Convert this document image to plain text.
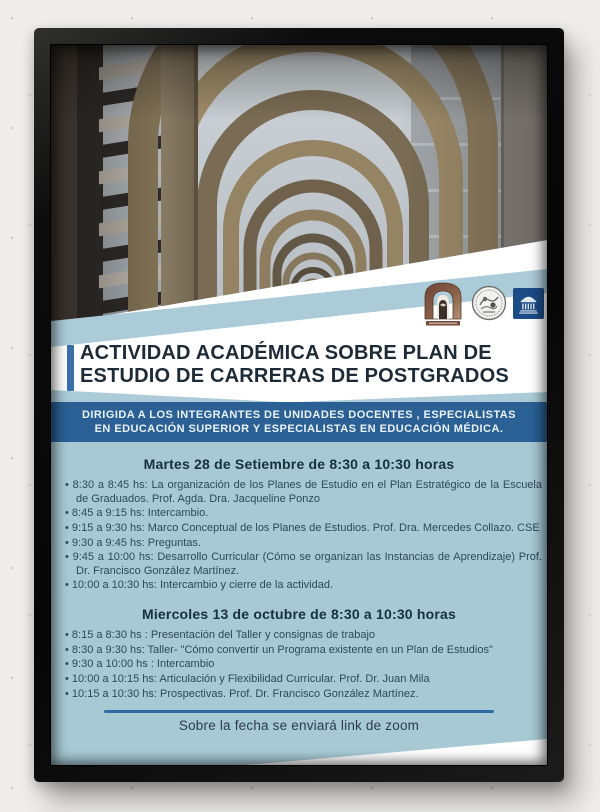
ACTIVIDAD ACADÉMICA SOBRE PLAN DE
ESTUDIO DE CARRERAS DE POSTGRADOS
DIRIGIDA A LOS INTEGRANTES DE UNIDADES DOCENTES , ESPECIALISTAS
EN EDUCACIÓN SUPERIOR Y ESPECIALISTAS EN EDUCACIÓN MÉDICA.
Martes 28 de Setiembre de 8:30 a 10:30 horas
• 8:30 a 8:45 hs: La organización de los Planes de Estudio en el Plan Estratégico de la Escuela de Graduados. Prof. Agda. Dra. Jacqueline Ponzo
• 8:45 a 9:15 hs: Intercambio.
• 9:15 a 9:30 hs: Marco Conceptual de los Planes de Estudios. Prof. Dra. Mercedes Collazo. CSE
• 9:30 a 9:45 hs: Preguntas.
• 9:45 a 10:00 hs: Desarrollo Curricular (Cómo se organizan las Instancias de Aprendizaje) Prof. Dr. Francisco González Martínez.
• 10:00 a 10:30 hs: Intercambio y cierre de la actividad.
Miercoles 13 de octubre de 8:30 a 10:30 horas
• 8:15 a 8:30 hs : Presentación del Taller y consignas de trabajo
• 8:30 a 9:30 hs: Taller- "Cómo convertir un Programa existente en un Plan de Estudios"
• 9:30 a 10:00 hs : Intercambio
• 10:00 a 10:15 hs: Articulación y Flexibilidad Curricular. Prof. Dr. Juan Mila
• 10:15 a 10:30 hs: Prospectivas. Prof. Dr. Francisco González Martínez.
Sobre la fecha se enviará link de zoom
